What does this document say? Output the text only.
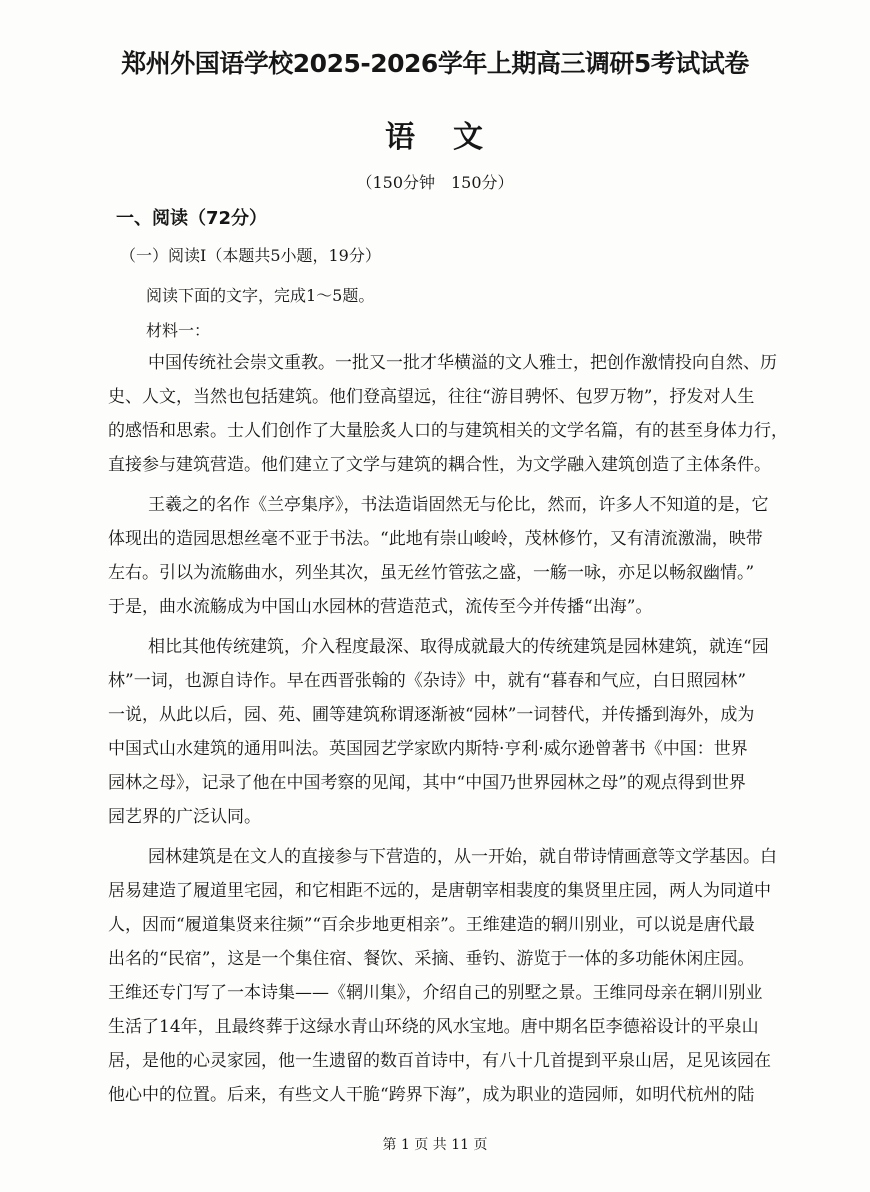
郑州外国语学校2025-2026学年上期高三调研5考试试卷
语 文
（150分钟 150分）
一、阅读（72分）
（一）阅读Ⅰ（本题共5小题，19分）
阅读下面的文字，完成1～5题。
材料一：

中国传统社会崇文重教。一批又一批才华横溢的文人雅士，把创作激情投向自然、历
史、人文，当然也包括建筑。他们登高望远，往往“游目骋怀、包罗万物”，抒发对人生
的感悟和思索。士人们创作了大量脍炙人口的与建筑相关的文学名篇，有的甚至身体力行，
直接参与建筑营造。他们建立了文学与建筑的耦合性，为文学融入建筑创造了主体条件。

王羲之的名作《兰亭集序》，书法造诣固然无与伦比，然而，许多人不知道的是，它
体现出的造园思想丝毫不亚于书法。“此地有崇山峻岭，茂林修竹，又有清流激湍，映带
左右。引以为流觞曲水，列坐其次，虽无丝竹管弦之盛，一觞一咏，亦足以畅叙幽情。”
于是，曲水流觞成为中国山水园林的营造范式，流传至今并传播“出海”。

相比其他传统建筑，介入程度最深、取得成就最大的传统建筑是园林建筑，就连“园
林”一词，也源自诗作。早在西晋张翰的《杂诗》中，就有“暮春和气应，白日照园林”
一说，从此以后，园、苑、圃等建筑称谓逐渐被“园林”一词替代，并传播到海外，成为
中国式山水建筑的通用叫法。英国园艺学家欧内斯特·亨利·威尔逊曾著书《中国：世界
园林之母》，记录了他在中国考察的见闻，其中“中国乃世界园林之母”的观点得到世界
园艺界的广泛认同。

园林建筑是在文人的直接参与下营造的，从一开始，就自带诗情画意等文学基因。白
居易建造了履道里宅园，和它相距不远的，是唐朝宰相裴度的集贤里庄园，两人为同道中
人，因而“履道集贤来往频”“百余步地更相亲”。王维建造的辋川别业，可以说是唐代最
出名的“民宿”，这是一个集住宿、餐饮、采摘、垂钓、游览于一体的多功能休闲庄园。
王维还专门写了一本诗集——《辋川集》，介绍自己的别墅之景。王维同母亲在辋川别业
生活了14年，且最终葬于这绿水青山环绕的风水宝地。唐中期名臣李德裕设计的平泉山
居，是他的心灵家园，他一生遗留的数百首诗中，有八十几首提到平泉山居，足见该园在
他心中的位置。后来，有些文人干脆“跨界下海”，成为职业的造园师，如明代杭州的陆

第 1 页 共 11 页
